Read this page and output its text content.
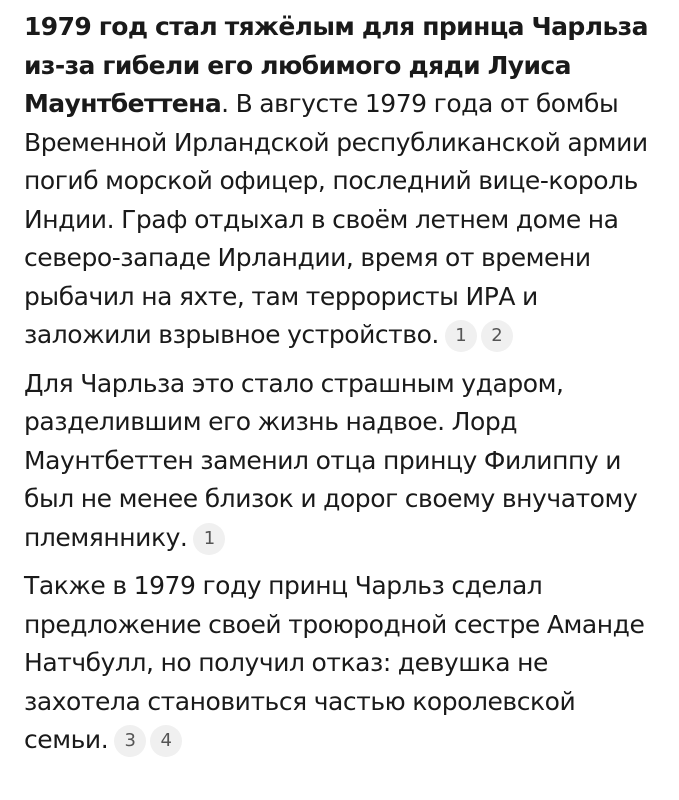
1979 год стал тяжёлым для принца Чарльза из-за гибели его любимого дяди Луиса Маунтбеттена. В августе 1979 года от бомбы Временной Ирландской республиканской армии погиб морской офицер, последний вице-король Индии. Граф отдыхал в своём летнем доме на северо-западе Ирландии, время от времени рыбачил на яхте, там террористы ИРА и заложили взрывное устройство. 1 2

Для Чарльза это стало страшным ударом, разделившим его жизнь надвое. Лорд Маунтбеттен заменил отца принцу Филиппу и был не менее близок и дорог своему внучатому племяннику. 1

Также в 1979 году принц Чарльз сделал предложение своей троюродной сестре Аманде Натчбулл, но получил отказ: девушка не захотела становиться частью королевской семьи. 3 4
